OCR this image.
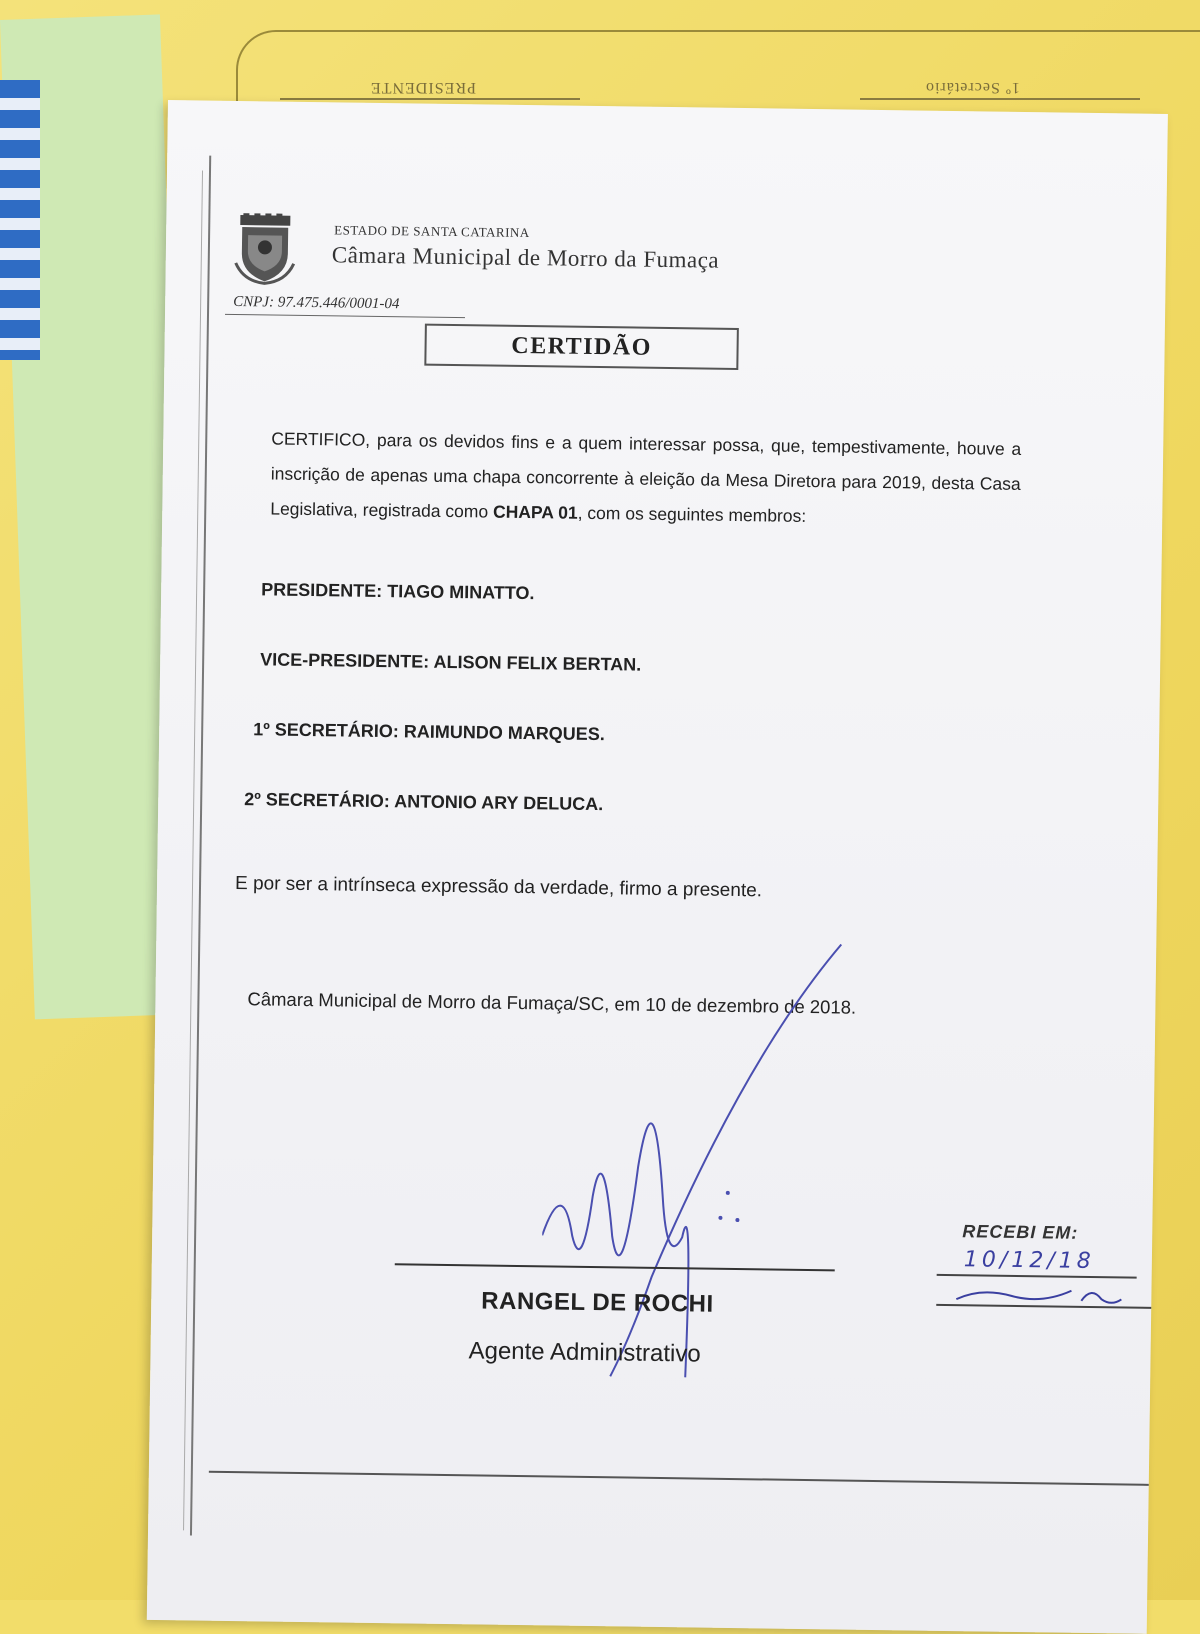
PRESIDENTE	1º Secretário
ESTADO DE SANTA CATARINA
Câmara Municipal de Morro da Fumaça
CNPJ: 97.475.446/0001-04
CERTIDÃO
CERTIFICO, para os devidos fins e a quem interessar possa, que, tempestivamente, houve a inscrição de apenas uma chapa concorrente à eleição da Mesa Diretora para 2019, desta Casa Legislativa, registrada como CHAPA 01, com os seguintes membros:
PRESIDENTE: TIAGO MINATTO.
VICE-PRESIDENTE: ALISON FELIX BERTAN.
1º SECRETÁRIO: RAIMUNDO MARQUES.
2º SECRETÁRIO: ANTONIO ARY DELUCA.
E por ser a intrínseca expressão da verdade, firmo a presente.
Câmara Municipal de Morro da Fumaça/SC, em 10 de dezembro de 2018.
RANGEL DE ROCHI
Agente Administrativo
RECEBI EM:
10/12/18
